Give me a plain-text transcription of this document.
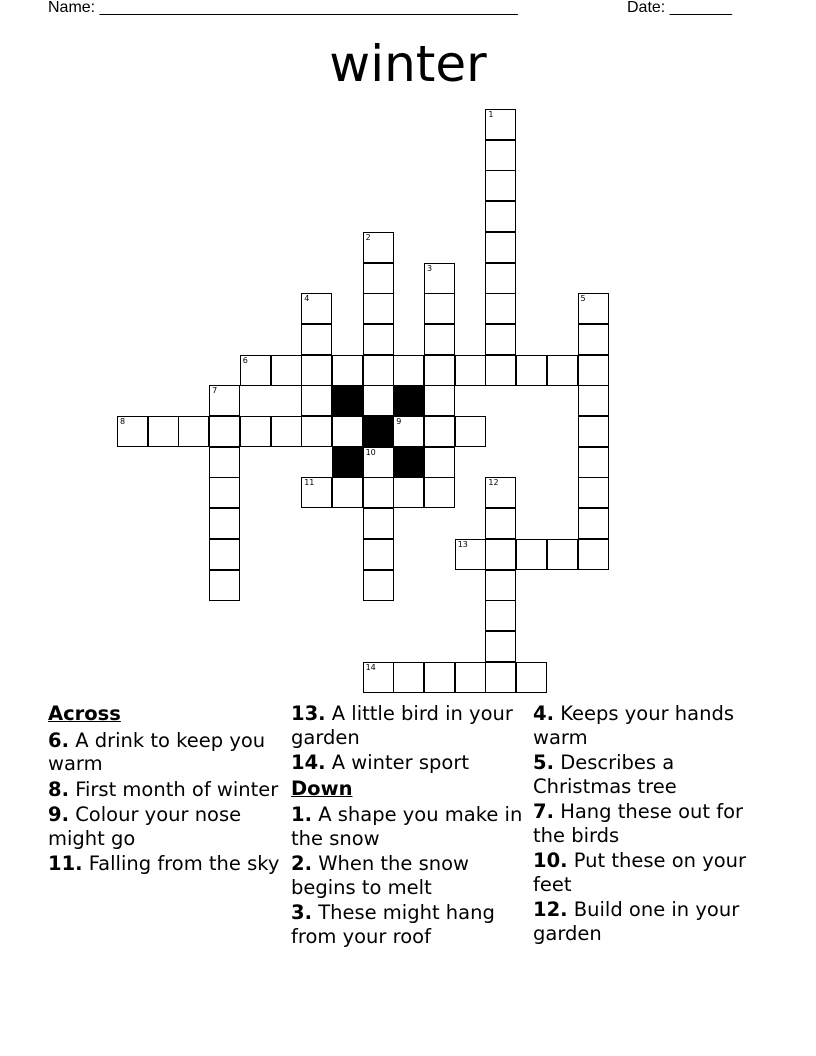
Name: _______________________________________________	Date: _______
winter
1
2
10
3
4	5
6
7
8	9
11	12
13
14
Across
6. A drink to keep you warm
8. First month of winter
9. Colour your nose might go
11. Falling from the sky
13. A little bird in your garden
14. A winter sport
Down
1. A shape you make in the snow
2. When the snow begins to melt
3. These might hang from your roof
4. Keeps your hands warm
5. Describes a Christmas tree
7. Hang these out for the birds
10. Put these on your feet
12. Build one in your garden
